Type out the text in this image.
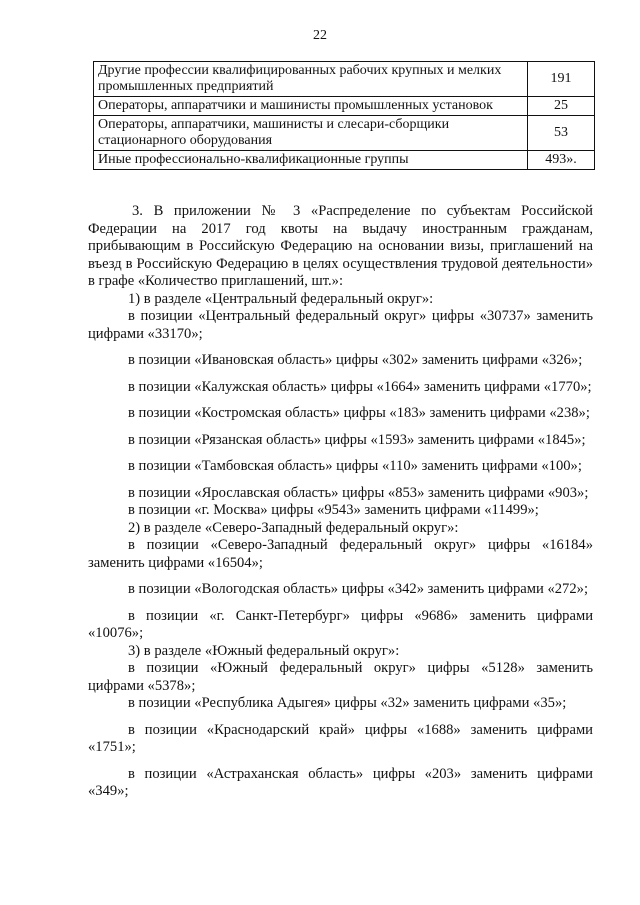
22
Другие профессии квалифицированных рабочих крупных и мелких промышленных предприятий	191
Операторы, аппаратчики и машинисты промышленных установок	25
Операторы, аппаратчики, машинисты и слесари-сборщики стационарного оборудования	53
Иные профессионально-квалификационные группы	493».

3. В приложении № 3 «Распределение по субъектам Российской Федерации на 2017 год квоты на выдачу иностранным гражданам, прибывающим в Российскую Федерацию на основании визы, приглашений на въезд в Российскую Федерацию в целях осуществления трудовой деятельности» в графе «Количество приглашений, шт.»:

1) в разделе «Центральный федеральный округ»:

в позиции «Центральный федеральный округ» цифры «30737» заменить цифрами «33170»;

в позиции «Ивановская область» цифры «302» заменить цифрами «326»;

в позиции «Калужская область» цифры «1664» заменить цифрами «1770»;

в позиции «Костромская область» цифры «183» заменить цифрами «238»;

в позиции «Рязанская область» цифры «1593» заменить цифрами «1845»;

в позиции «Тамбовская область» цифры «110» заменить цифрами «100»;

в позиции «Ярославская область» цифры «853» заменить цифрами «903»;

в позиции «г. Москва» цифры «9543» заменить цифрами «11499»;

2) в разделе «Северо-Западный федеральный округ»:

в позиции «Северо-Западный федеральный округ» цифры «16184» заменить цифрами «16504»;

в позиции «Вологодская область» цифры «342» заменить цифрами «272»;

в позиции «г. Санкт-Петербург» цифры «9686» заменить цифрами «10076»;

3) в разделе «Южный федеральный округ»:

в позиции «Южный федеральный округ» цифры «5128» заменить цифрами «5378»;

в позиции «Республика Адыгея» цифры «32» заменить цифрами «35»;

в позиции «Краснодарский край» цифры «1688» заменить цифрами «1751»;

в позиции «Астраханская область» цифры «203» заменить цифрами «349»;
